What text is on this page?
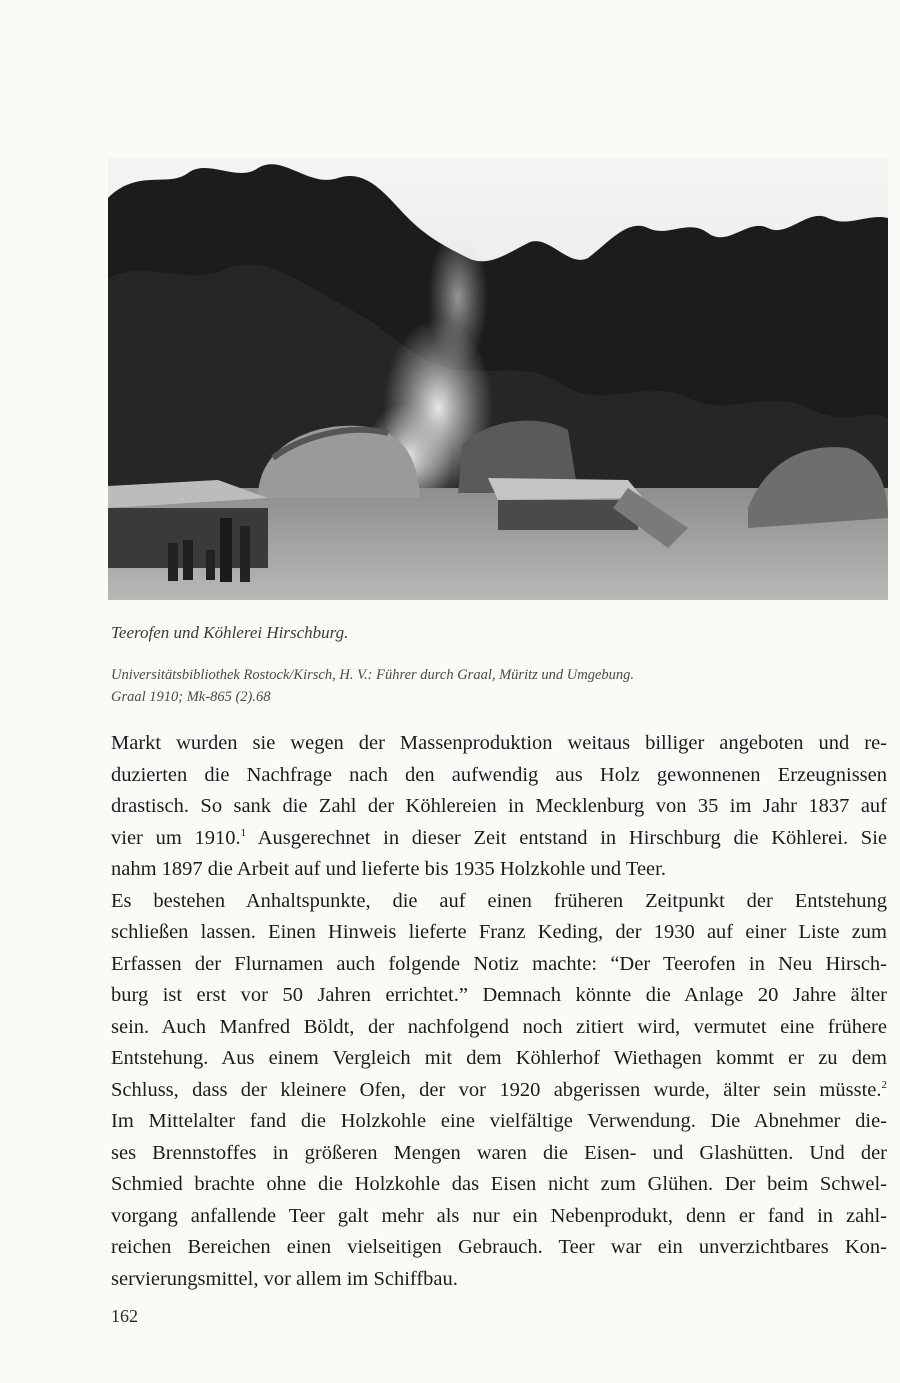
Teerofen und Köhlerei Hirschburg.
Universitätsbibliothek Rostock/Kirsch, H. V.: Führer durch Graal, Müritz und Umgebung.
Graal 1910; Mk-865 (2).68
Markt wurden sie wegen der Massenproduktion weitaus billiger angeboten und re-
duzierten die Nachfrage nach den aufwendig aus Holz gewonnenen Erzeugnissen
drastisch. So sank die Zahl der Köhlereien in Mecklenburg von 35 im Jahr 1837 auf
vier um 1910.$^1$ Ausgerechnet in dieser Zeit entstand in Hirschburg die Köhlerei. Sie
nahm 1897 die Arbeit auf und lieferte bis 1935 Holzkohle und Teer.
Es bestehen Anhaltspunkte, die auf einen früheren Zeitpunkt der Entstehung
schließen lassen. Einen Hinweis lieferte Franz Keding, der 1930 auf einer Liste zum
Erfassen der Flurnamen auch folgende Notiz machte: “Der Teerofen in Neu Hirsch-
burg ist erst vor 50 Jahren errichtet.” Demnach könnte die Anlage 20 Jahre älter
sein. Auch Manfred Böldt, der nachfolgend noch zitiert wird, vermutet eine frühere
Entstehung. Aus einem Vergleich mit dem Köhlerhof Wiethagen kommt er zu dem
Schluss, dass der kleinere Ofen, der vor 1920 abgerissen wurde, älter sein müsste.$^2$
Im Mittelalter fand die Holzkohle eine vielfältige Verwendung. Die Abnehmer die-
ses Brennstoffes in größeren Mengen waren die Eisen- und Glashütten. Und der
Schmied brachte ohne die Holzkohle das Eisen nicht zum Glühen. Der beim Schwel-
vorgang anfallende Teer galt mehr als nur ein Nebenprodukt, denn er fand in zahl-
reichen Bereichen einen vielseitigen Gebrauch. Teer war ein unverzichtbares Kon-
servierungsmittel, vor allem im Schiffbau.
162
